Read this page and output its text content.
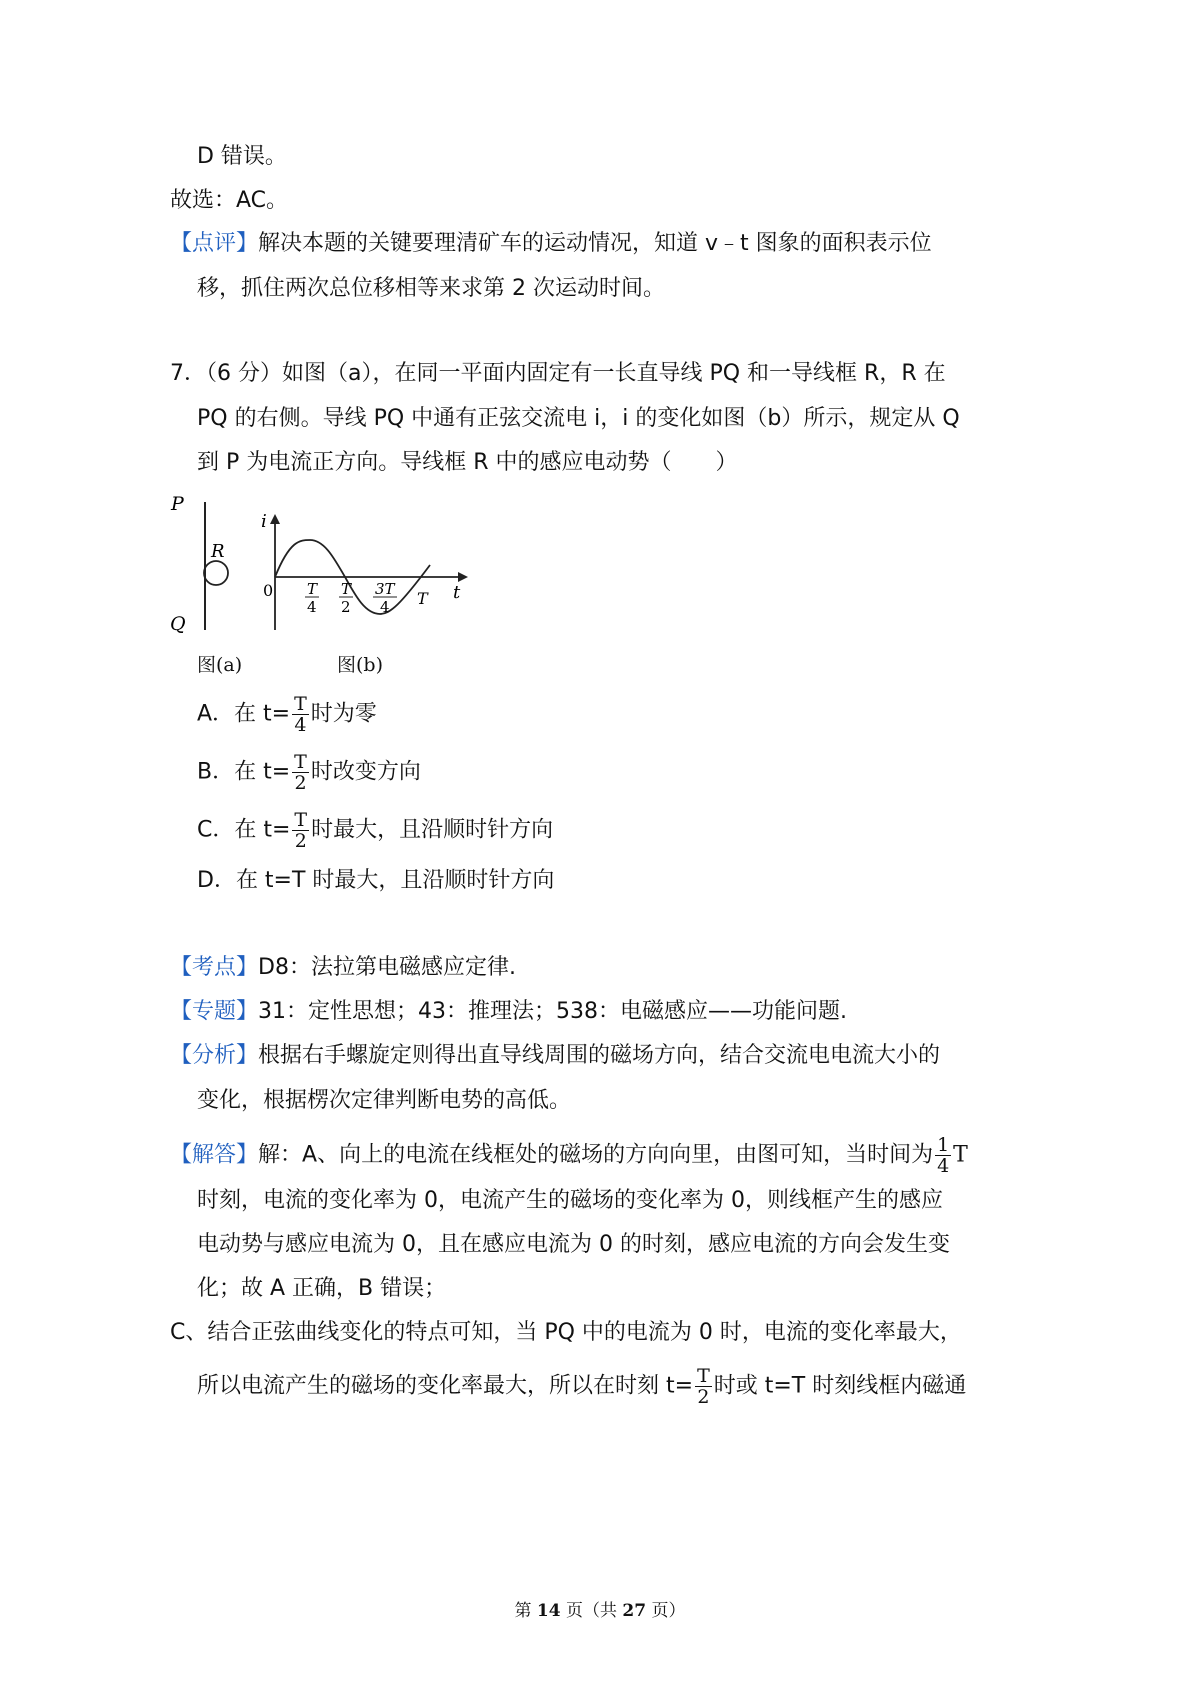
D 错误。
故选：AC。
【点评】解决本题的关键要理清矿车的运动情况，知道 v﹣t 图象的面积表示位
移，抓住两次总位移相等来求第 2 次运动时间。
7．（6 分）如图（a），在同一平面内固定有一长直导线 PQ 和一导线框 R，R 在
PQ 的右侧。导线 PQ 中通有正弦交流电 i，i 的变化如图（b）所示，规定从 Q
到 P 为电流正方向。导线框 R 中的感应电动势（　　）
P
R
Q
i
t
0 T
4
T
2
3T
4 T
图(a)	图(b)
A．在 $t= \frac{T}{4}$ 时为零
B．在 $t= \frac{T}{2}$ 时改变方向
C．在 $t= \frac{T}{2}$ 时最大，且沿顺时针方向
D．在 t=T 时最大，且沿顺时针方向
【考点】D8：法拉第电磁感应定律.
【专题】31：定性思想；43：推理法；538：电磁感应——功能问题.
【分析】根据右手螺旋定则得出直导线周围的磁场方向，结合交流电电流大小的
变化，根据楞次定律判断电势的高低。
【解答】解：A、向上的电流在线框处的磁场的方向向里，由图可知，当时间为 $\frac{1}{4}$ T
时刻，电流的变化率为 0，电流产生的磁场的变化率为 0，则线框产生的感应
电动势与感应电流为 0，且在感应电流为 0 的时刻，感应电流的方向会发生变
化；故 A 正确，B 错误；
C、结合正弦曲线变化的特点可知，当 PQ 中的电流为 0 时，电流的变化率最大，
所以电流产生的磁场的变化率最大，所以在时刻 $t= \frac{T}{2}$ 时或 t=T 时刻线框内磁通
第 14 页（共 27 页）
